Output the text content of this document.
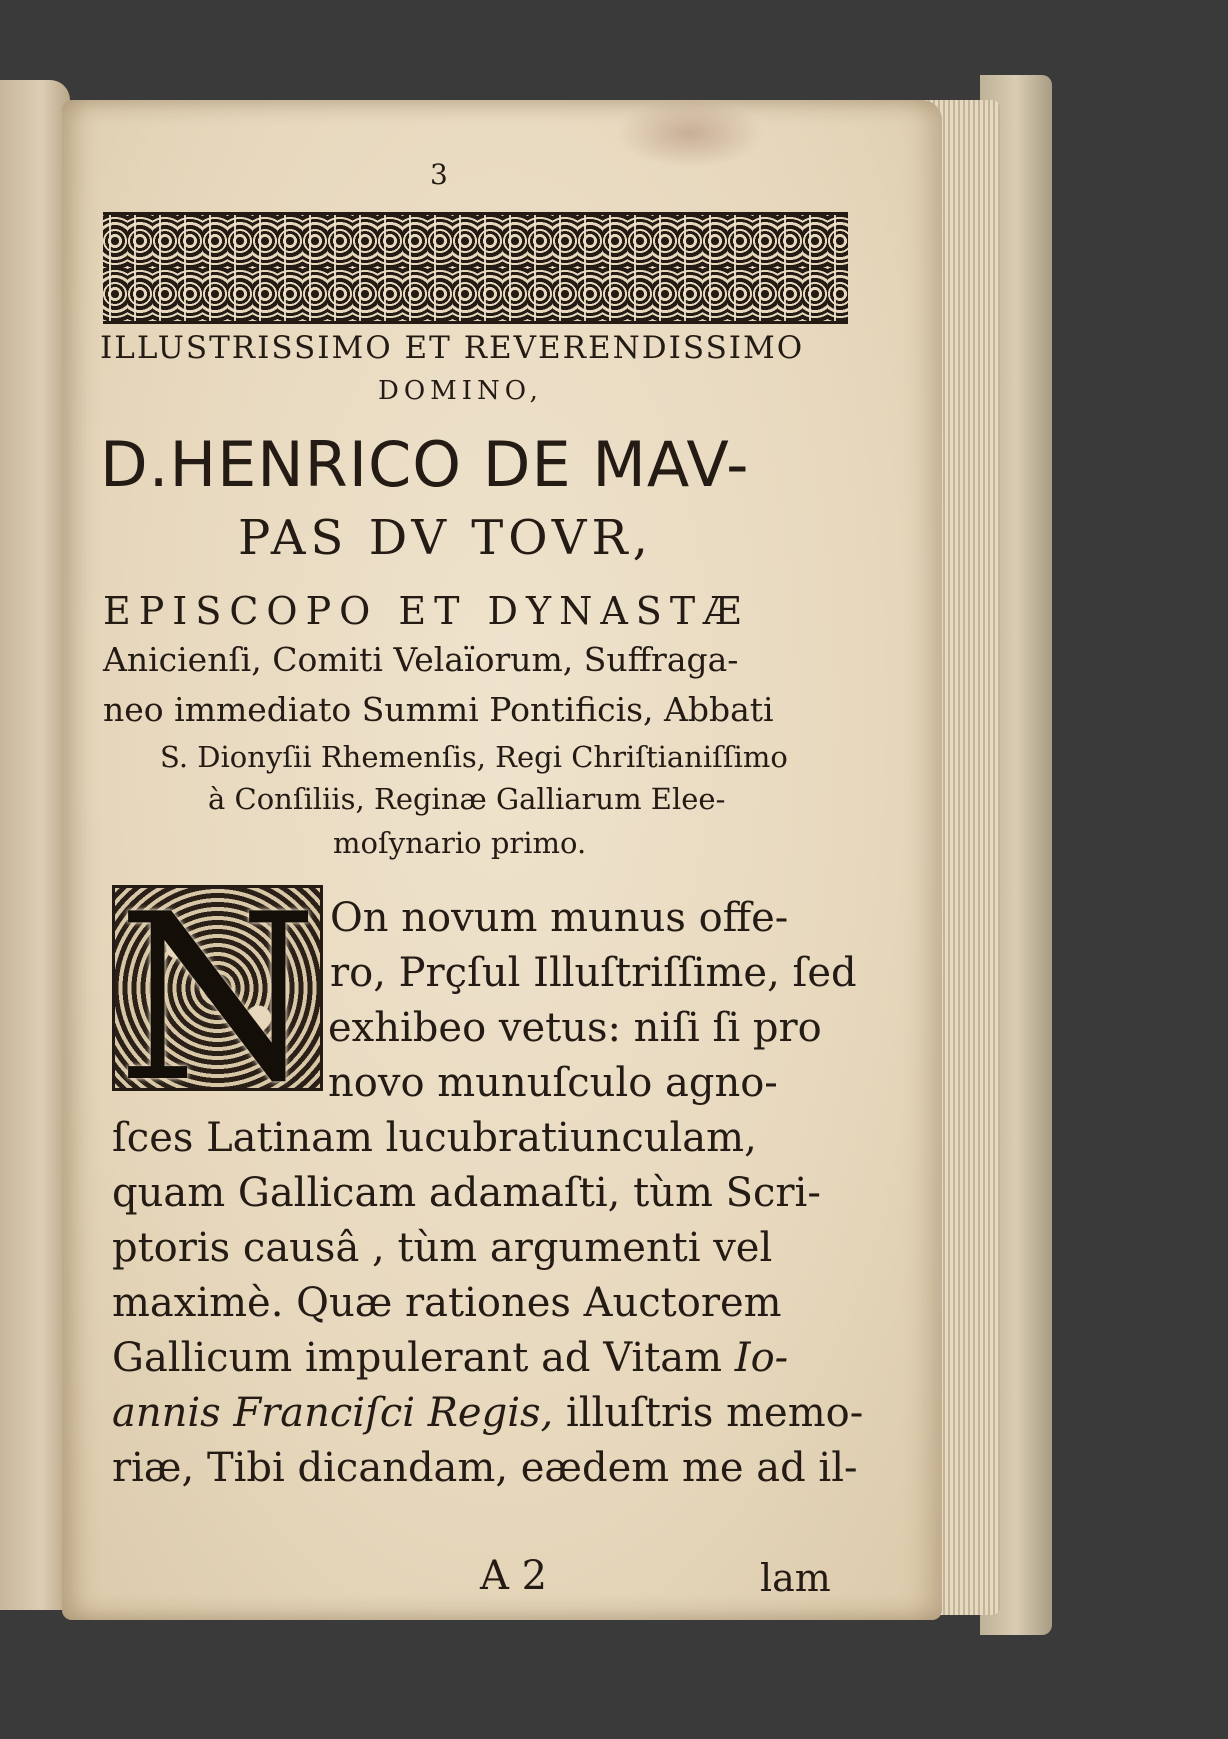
3
ILLUSTRISSIMO ET REVERENDISSIMO
DOMINO,
D.HENRICO DE MAV-
PAS DV TOVR,
EPISCOPO ET DYNASTÆ
Anicienſi, Comiti Velaïorum, Suffraga-
neo immediato Summi Pontificis, Abbati
S. Dionyſii Rhemenſis, Regi Chriſtianiſſimo
à Conſiliis, Reginæ Galliarum Elee-
moſynario primo.
N On novum munus offe-
ro, Prçſul Illuſtriſſime, ſed
exhibeo vetus: niſi ſi pro
novo munuſculo agno-
ſces Latinam lucubratiunculam,
quam Gallicam adamaſti, tùm Scri-
ptoris causâ , tùm argumenti vel
maximè. Quæ rationes Auctorem
Gallicum impulerant ad Vitam Io-
annis Franciſci Regis, illuſtris memo-
riæ, Tibi dicandam, eædem me ad il-
A 2	lam
